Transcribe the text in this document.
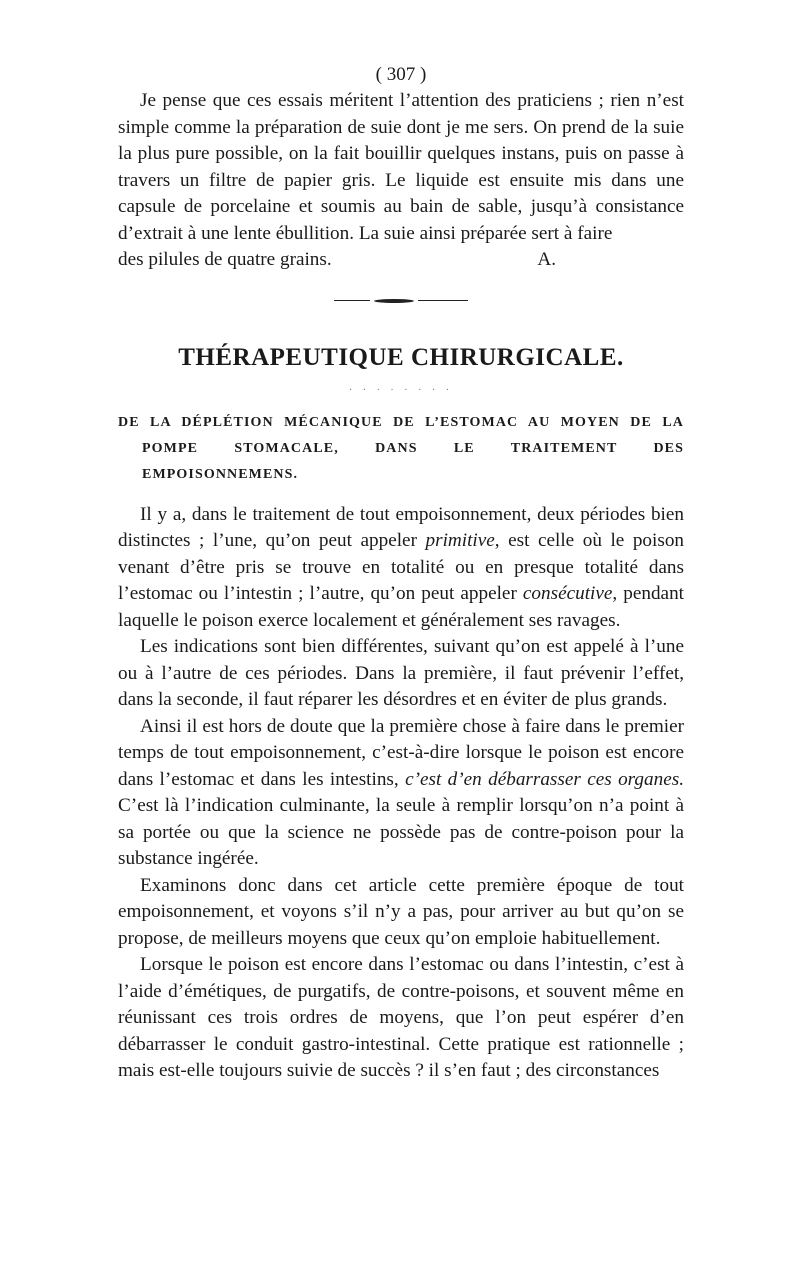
( 307 )

Je pense que ces essais méritent l’attention des praticiens ; rien n’est simple comme la préparation de suie dont je me sers. On prend de la suie la plus pure possible, on la fait bouillir quelques instans, puis on passe à travers un filtre de papier gris. Le liquide est ensuite mis dans une capsule de porcelaine et soumis au bain de sable, jusqu’à consistance d’extrait à une lente ébullition. La suie ainsi préparée sert à faire

des pilules de quatre grains.	A.
THÉRAPEUTIQUE CHIRURGICALE.
· · · · · · · ·
DE LA DÉPLÉTION MÉCANIQUE DE L’ESTOMAC AU MOYEN DE LA POMPE STOMACALE, DANS LE TRAITEMENT DES EMPOISONNEMENS.

Il y a, dans le traitement de tout empoisonnement, deux périodes bien distinctes ; l’une, qu’on peut appeler primitive, est celle où le poison venant d’être pris se trouve en totalité ou en presque totalité dans l’estomac ou l’intestin ; l’autre, qu’on peut appeler consécutive, pendant laquelle le poison exerce localement et généralement ses ravages.

Les indications sont bien différentes, suivant qu’on est appelé à l’une ou à l’autre de ces périodes. Dans la première, il faut prévenir l’effet, dans la seconde, il faut réparer les désordres et en éviter de plus grands.

Ainsi il est hors de doute que la première chose à faire dans le premier temps de tout empoisonnement, c’est-à-dire lorsque le poison est encore dans l’estomac et dans les intestins, c’est d’en débarrasser ces organes. C’est là l’indication culminante, la seule à remplir lorsqu’on n’a point à sa portée ou que la science ne possède pas de contre-poison pour la substance ingérée.

Examinons donc dans cet article cette première époque de tout empoisonnement, et voyons s’il n’y a pas, pour arriver au but qu’on se propose, de meilleurs moyens que ceux qu’on emploie habituellement.

Lorsque le poison est encore dans l’estomac ou dans l’intestin, c’est à l’aide d’émétiques, de purgatifs, de contre-poisons, et souvent même en réunissant ces trois ordres de moyens, que l’on peut espérer d’en débarrasser le conduit gastro-intestinal. Cette pratique est rationnelle ; mais est-elle toujours suivie de succès ? il s’en faut ; des circonstances
